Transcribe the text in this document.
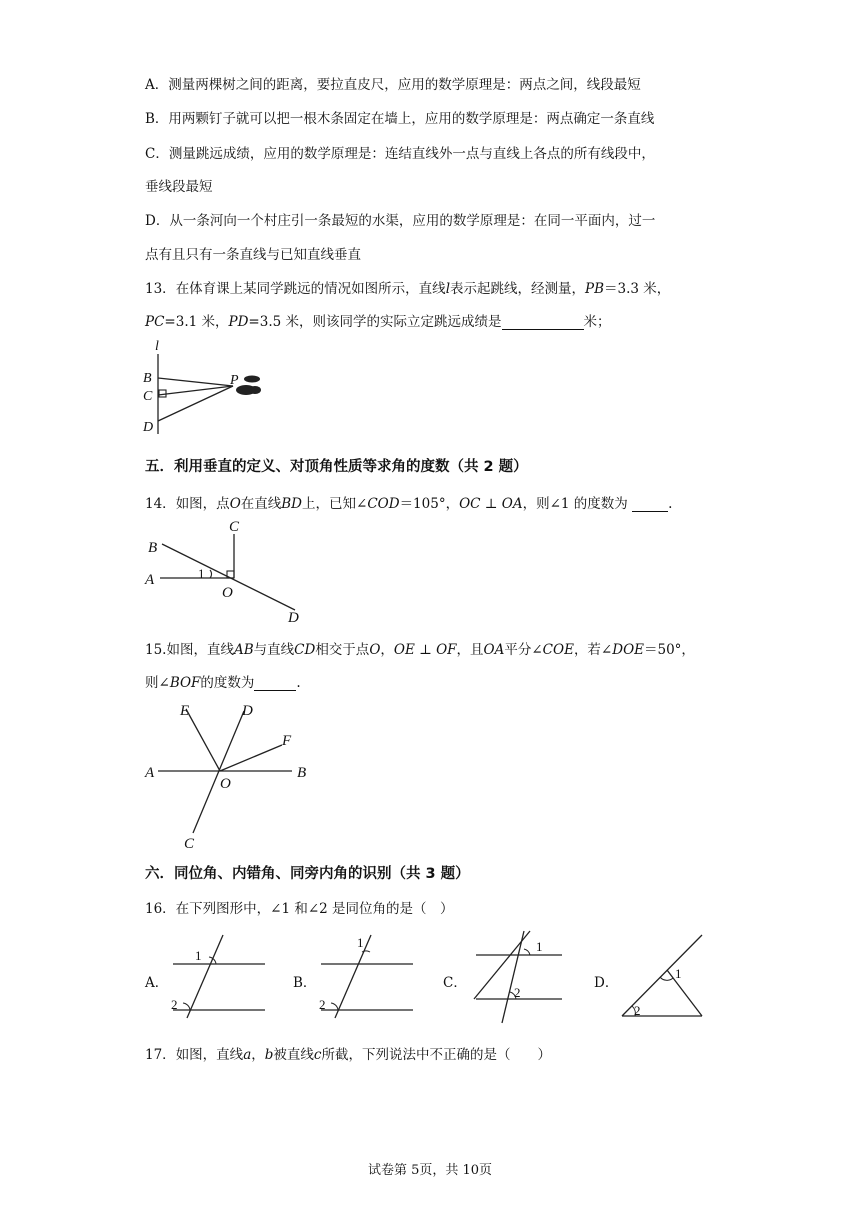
A．测量两棵树之间的距离，要拉直皮尺，应用的数学原理是：两点之间，线段最短
B．用两颗钉子就可以把一根木条固定在墙上，应用的数学原理是：两点确定一条直线
C．测量跳远成绩，应用的数学原理是：连结直线外一点与直线上各点的所有线段中，
垂线段最短
D．从一条河向一个村庄引一条最短的水渠，应用的数学原理是：在同一平面内，过一
点有且只有一条直线与已知直线垂直
13．在体育课上某同学跳远的情况如图所示，直线l表示起跳线，经测量，PB＝3.3 米，
PC=3.1 米，PD=3.5 米，则该同学的实际立定跳远成绩是	米；
l
B
C
D
P
五．利用垂直的定义、对顶角性质等求角的度数（共 2 题）
14．如图，点O在直线BD上，已知∠COD＝105°，OC ⊥ OA，则∠1 的度数为	.
C
B
A
O
D
1
15.如图，直线AB与直线CD相交于点O，OE ⊥ OF，且OA平分∠COE，若∠DOE＝50°，
则∠BOF的度数为	.
E	D
F
A	B
O
C
六．同位角、内错角、同旁内角的识别（共 3 题）
16．在下列图形中，∠1 和∠2 是同位角的是（　）
A．
1
2
B．
1
2
C．
1
2
D．
1
2
17．如图，直线a，b被直线c所截，下列说法中不正确的是（　　）
试卷第 5页，共 10页
